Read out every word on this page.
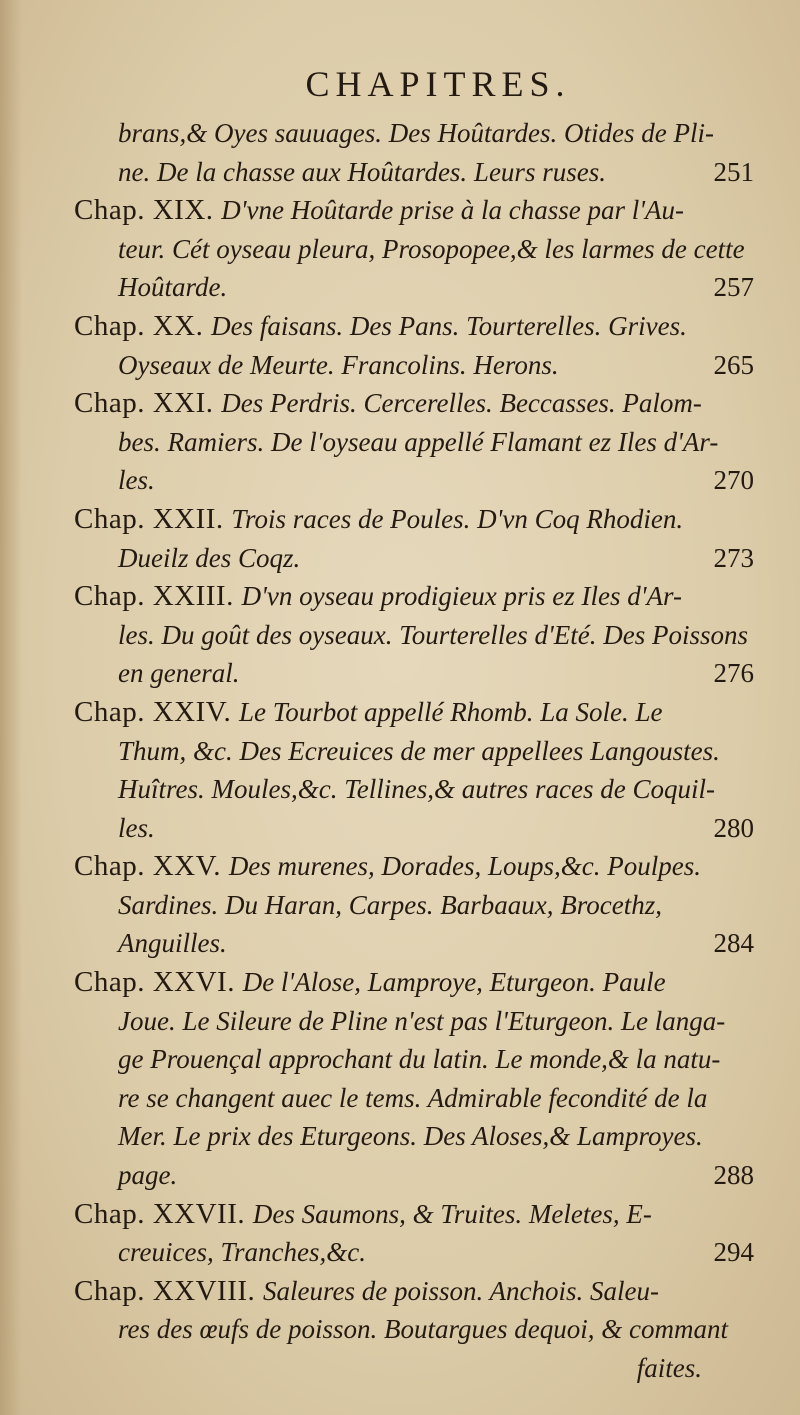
CHAPITRES.
brans,& Oyes sauuages. Des Hoûtardes. Otides de Pli-
251
ne. De la chasse aux Hoûtardes. Leurs ruses.
Chap. XIX. D'vne Hoûtarde prise à la chasse par l'Au-
teur. Cét oyseau pleura, Prosopopee,& les larmes de cette
257
Hoûtarde.
Chap. XX. Des faisans. Des Pans. Tourterelles. Grives.
265
Oyseaux de Meurte. Francolins. Herons.
Chap. XXI. Des Perdris. Cercerelles. Beccasses. Palom-
bes. Ramiers. De l'oyseau appellé Flamant ez Iles d'Ar-
270
les.
Chap. XXII. Trois races de Poules. D'vn Coq Rhodien.
273
Dueilz des Coqz.
Chap. XXIII. D'vn oyseau prodigieux pris ez Iles d'Ar-
les. Du goût des oyseaux. Tourterelles d'Eté. Des Poissons
276
en general.
Chap. XXIV. Le Tourbot appellé Rhomb. La Sole. Le
Thum, &c. Des Ecreuices de mer appellees Langoustes.
Huîtres. Moules,&c. Tellines,& autres races de Coquil-
280
les.
Chap. XXV. Des murenes, Dorades, Loups,&c. Poulpes.
Sardines. Du Haran, Carpes. Barbaaux, Brocethz,
284
Anguilles.
Chap. XXVI. De l'Alose, Lamproye, Eturgeon. Paule
Joue. Le Sileure de Pline n'est pas l'Eturgeon. Le langa-
ge Prouençal approchant du latin. Le monde,& la natu-
re se changent auec le tems. Admirable fecondité de la
Mer. Le prix des Eturgeons. Des Aloses,& Lamproyes.
288
page.
Chap. XXVII. Des Saumons, & Truites. Meletes, E-
294
creuices, Tranches,&c.
Chap. XXVIII. Saleures de poisson. Anchois. Saleu-
res des œufs de poisson. Boutargues dequoi, & commant
faites.
